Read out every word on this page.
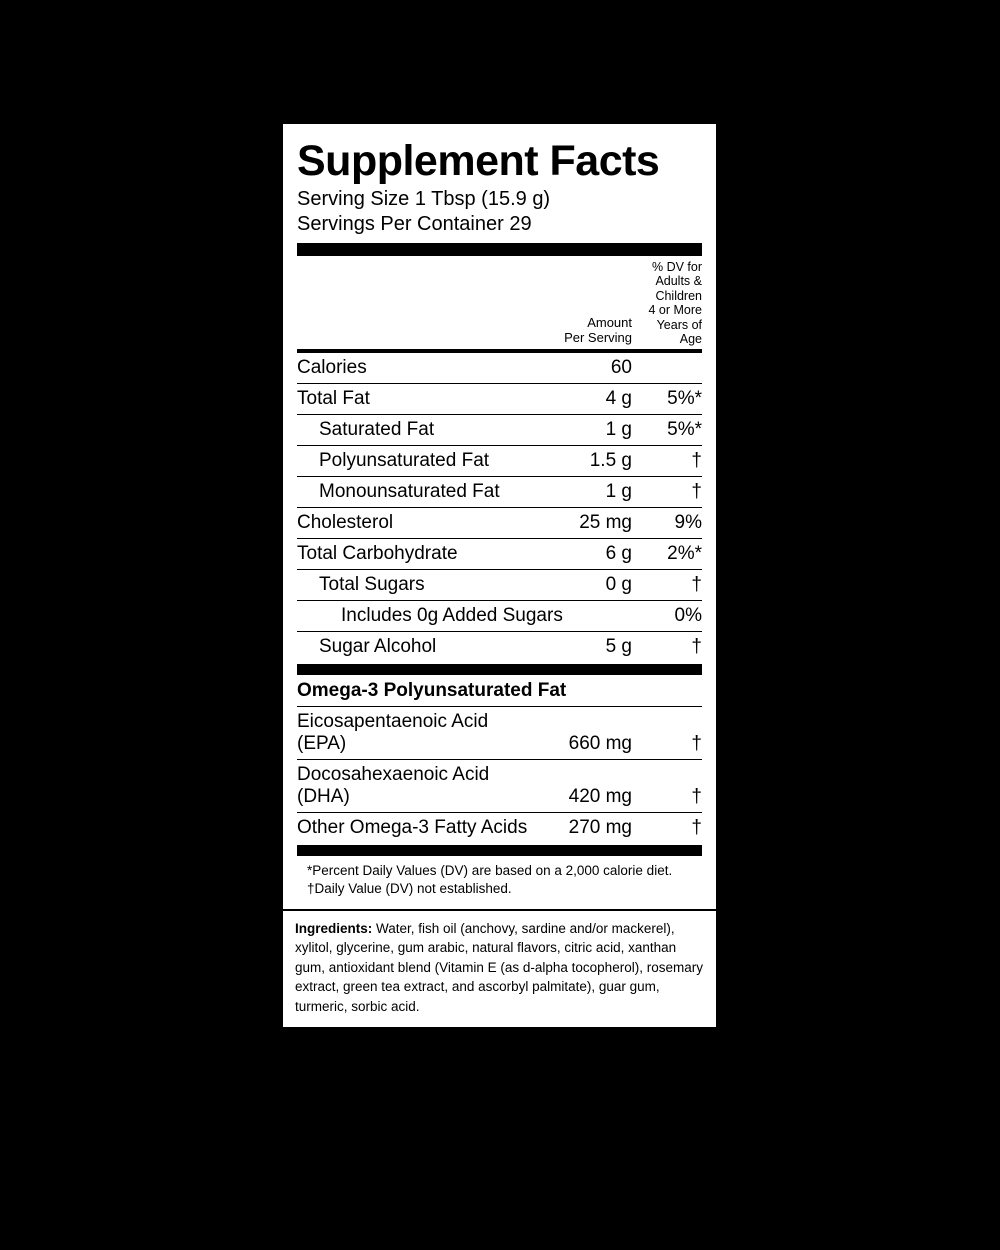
Supplement Facts
Serving Size 1 Tbsp (15.9 g)
Servings Per Container 29
Amount
Per Serving
% DV for
Adults & Children
4 or More
Years of Age
Calories	60	
Total Fat	4 g	5%*
Saturated Fat	1 g	5%*
Polyunsaturated Fat	1.5 g	†
Monounsaturated Fat	1 g	†
Cholesterol	25 mg	9%
Total Carbohydrate	6 g	2%*
Total Sugars	0 g	†
Includes 0g Added Sugars		0%
Sugar Alcohol	5 g	†
Omega-3 Polyunsaturated Fat
Eicosapentaenoic Acid (EPA)	660 mg	†
Docosahexaenoic Acid (DHA)	420 mg	†
Other Omega-3 Fatty Acids	270 mg	†
*Percent Daily Values (DV) are based on a 2,000 calorie diet.
†Daily Value (DV) not established.
Ingredients: Water, fish oil (anchovy, sardine and/or mackerel), xylitol, glycerine, gum arabic, natural flavors, citric acid, xanthan gum, antioxidant blend (Vitamin E (as d-alpha tocopherol), rosemary extract, green tea extract, and ascorbyl palmitate), guar gum, turmeric, sorbic acid.
